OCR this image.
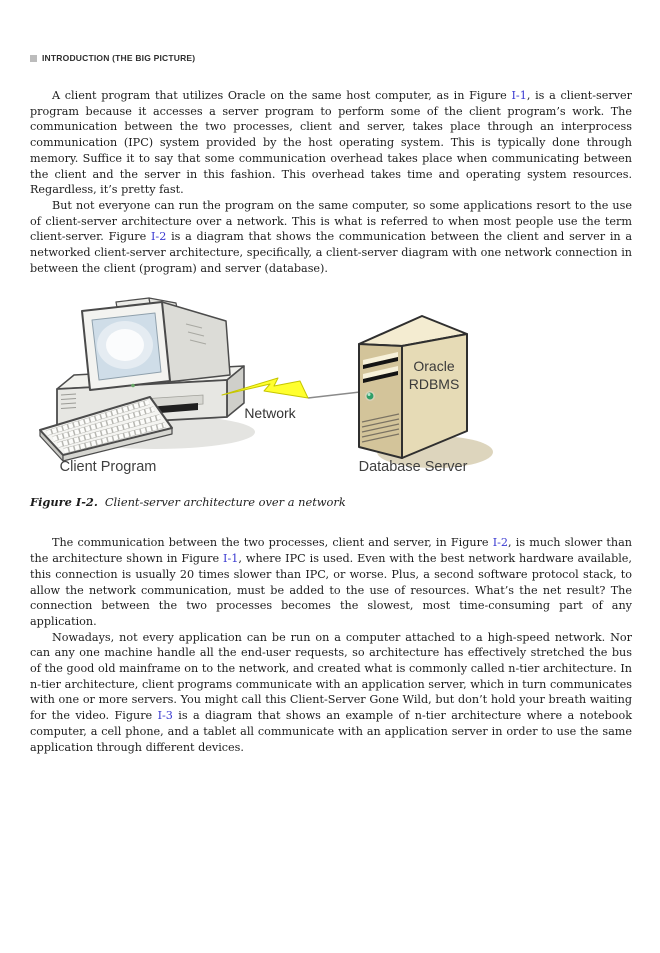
INTRODUCTION (THE BIG PICTURE)

A client program that utilizes Oracle on the same host computer, as in Figure I-1, is a client-server program because it accesses a server program to perform some of the client program’s work. The communication between the two processes, client and server, takes place through an interprocess communication (IPC) system provided by the host operating system. This is typically done through memory. Suffice it to say that some communication overhead takes place when communicating between the client and the server in this fashion. This overhead takes time and operating system resources. Regardless, it’s pretty fast.

But not everyone can run the program on the same computer, so some applications resort to the use of client-server architecture over a network. This is what is referred to when most people use the term client-server. Figure I-2 is a diagram that shows the communication between the client and server in a networked client-server architecture, specifically, a client-server diagram with one network connection in between the client (program) and server (database).

Network
Oracle
RDBMS
Client Program	Database Server
Figure I-2. Client-server architecture over a network

The communication between the two processes, client and server, in Figure I-2, is much slower than the architecture shown in Figure I-1, where IPC is used. Even with the best network hardware available, this connection is usually 20 times slower than IPC, or worse. Plus, a second software protocol stack, to allow the network communication, must be added to the use of resources. What’s the net result? The connection between the two processes becomes the slowest, most time-consuming part of any application.

Nowadays, not every application can be run on a computer attached to a high-speed network. Nor can any one machine handle all the end-user requests, so architecture has effectively stretched the bus of the good old mainframe on to the network, and created what is commonly called n-tier architecture. In n-tier architecture, client programs communicate with an application server, which in turn communicates with one or more servers. You might call this Client-Server Gone Wild, but don’t hold your breath waiting for the video. Figure I-3 is a diagram that shows an example of n-tier architecture where a notebook computer, a cell phone, and a tablet all communicate with an application server in order to use the same application through different devices.
